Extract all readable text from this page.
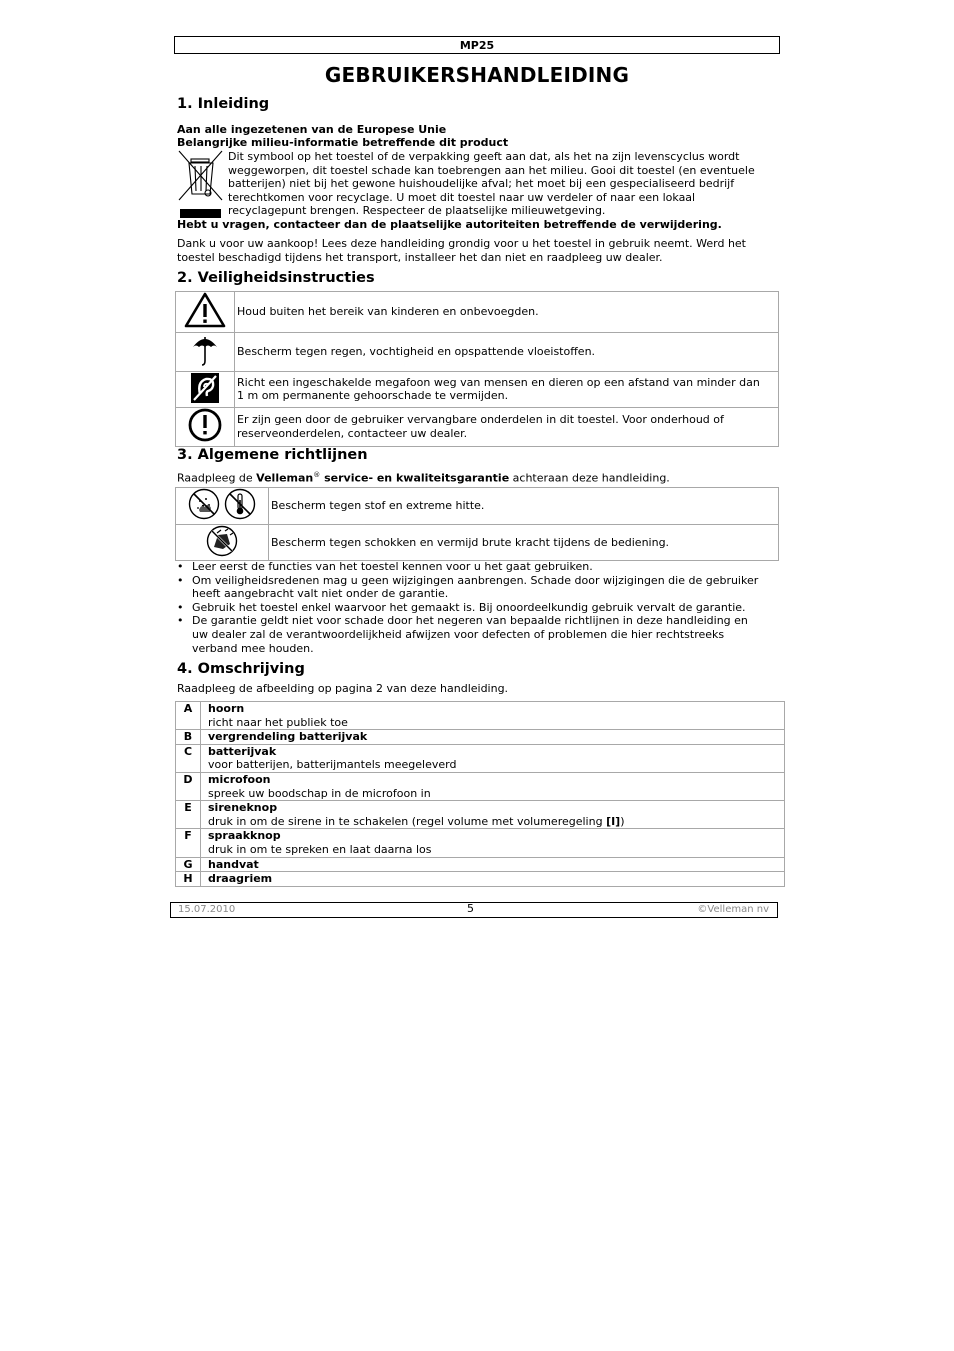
MP25
GEBRUIKERSHANDLEIDING
1. Inleiding
Aan alle ingezetenen van de Europese Unie
Belangrijke milieu-informatie betreffende dit product
Dit symbool op het toestel of de verpakking geeft aan dat, als het na zijn levenscyclus wordt
weggeworpen, dit toestel schade kan toebrengen aan het milieu. Gooi dit toestel (en eventuele
batterijen) niet bij het gewone huishoudelijke afval; het moet bij een gespecialiseerd bedrijf
terechtkomen voor recyclage. U moet dit toestel naar uw verdeler of naar een lokaal
recyclagepunt brengen. Respecteer de plaatselijke milieuwetgeving.
Hebt u vragen, contacteer dan de plaatselijke autoriteiten betreffende de verwijdering.
Dank u voor uw aankoop! Lees deze handleiding grondig voor u het toestel in gebruik neemt. Werd het
toestel beschadigd tijdens het transport, installeer het dan niet en raadpleeg uw dealer.
2. Veiligheidsinstructies

Houd buiten het bereik van kinderen en onbevoegden.

Bescherm tegen regen, vochtigheid en opspattende vloeistoffen.

Richt een ingeschakelde megafoon weg van mensen en dieren op een afstand van minder dan
1 m om permanente gehoorschade te vermijden.

Er zijn geen door de gebruiker vervangbare onderdelen in dit toestel. Voor onderhoud of
reserveonderdelen, contacteer uw dealer.
3. Algemene richtlijnen
Raadpleeg de Velleman® service- en kwaliteitsgarantie achteraan deze handleiding.

Bescherm tegen stof en extreme hitte.

Bescherm tegen schokken en vermijd brute kracht tijdens de bediening.
• Leer eerst de functies van het toestel kennen voor u het gaat gebruiken.
• Om veiligheidsredenen mag u geen wijzigingen aanbrengen. Schade door wijzigingen die de gebruiker
heeft aangebracht valt niet onder de garantie.
• Gebruik het toestel enkel waarvoor het gemaakt is. Bij onoordeelkundig gebruik vervalt de garantie.
• De garantie geldt niet voor schade door het negeren van bepaalde richtlijnen in deze handleiding en
uw dealer zal de verantwoordelijkheid afwijzen voor defecten of problemen die hier rechtstreeks
verband mee houden.
4. Omschrijving
Raadpleeg de afbeelding op pagina 2 van deze handleiding.
A	hoorn
richt naar het publiek toe

B	vergrendeling batterijvak

C	batterijvak
voor batterijen, batterijmantels meegeleverd

D	microfoon
spreek uw boodschap in de microfoon in

E	sireneknop
druk in om de sirene in te schakelen (regel volume met volumeregeling [I])

F	spraakknop
druk in om te spreken en laat daarna los

G	handvat

H	draagriem
15.07.2010	5	©Velleman nv
